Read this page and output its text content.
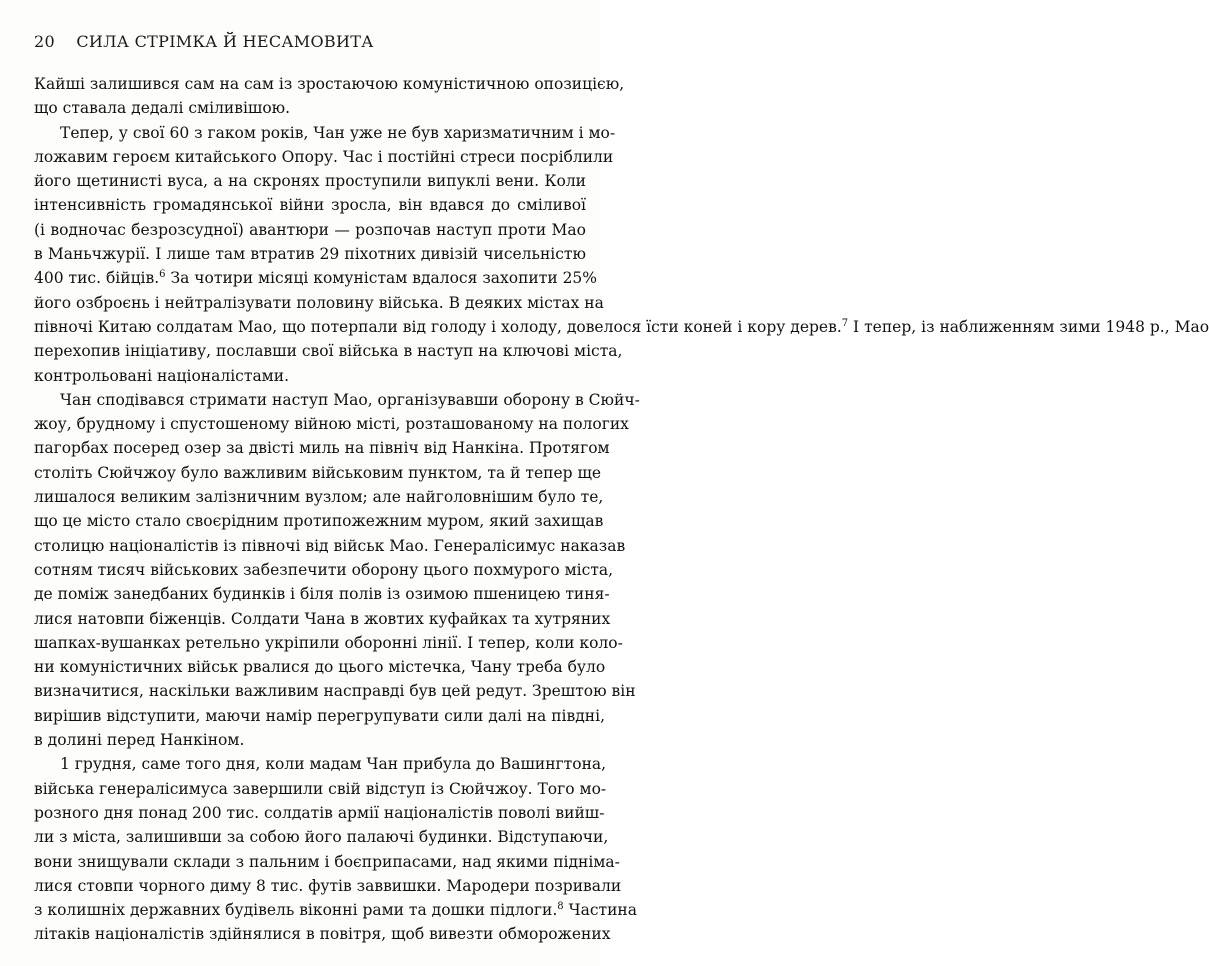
20 СИЛА СТРІМКА Й НЕСАМОВИТА
Кайші залишився сам на сам із зростаючою комуністичною опозицією,
що ставала дедалі сміливішою.
Тепер, у свої 60 з гаком років, Чан уже не був харизматичним і мо-
ложавим героєм китайського Опору. Час і постійні стреси посріблили
його щетинисті вуса, а на скронях проступили випуклі вени. Коли
інтенсивність громадянської війни зросла, він вдався до сміливої
(і водночас безрозсудної) авантюри — розпочав наступ проти Мао
в Маньчжурії. І лише там втратив 29 піхотних дивізій чисельністю
400 тис. бійців.$^6$ За чотири місяці комуністам вдалося захопити 25%
його озброєнь і нейтралізувати половину війська. В деяких містах на
півночі Китаю солдатам Мао, що потерпали від голоду і холоду, довелося їсти коней і кору дерев.$^7$ І тепер, із наближенням зими 1948 р., Мао
перехопив ініціативу, пославши свої війська в наступ на ключові міста,
контрольовані націоналістами.
Чан сподівався стримати наступ Мао, організувавши оборону в Сюйч-
жоу, брудному і спустошеному війною місті, розташованому на пологих
пагорбах посеред озер за двісті миль на північ від Нанкіна. Протягом
століть Сюйчжоу було важливим військовим пунктом, та й тепер ще
лишалося великим залізничним вузлом; але найголовнішим було те,
що це місто стало своєрідним протипожежним муром, який захищав
столицю націоналістів із півночі від військ Мао. Генералісимус наказав
сотням тисяч військових забезпечити оборону цього похмурого міста,
де поміж занедбаних будинків і біля полів із озимою пшеницею тиня-
лися натовпи біженців. Солдати Чана в жовтих куфайках та хутряних
шапках-вушанках ретельно укріпили оборонні лінії. І тепер, коли коло-
ни комуністичних військ рвалися до цього містечка, Чану треба було
визначитися, наскільки важливим насправді був цей редут. Зрештою він
вирішив відступити, маючи намір перегрупувати сили далі на півдні,
в долині перед Нанкіном.
1 грудня, саме того дня, коли мадам Чан прибула до Вашингтона,
війська генералісимуса завершили свій відступ із Сюйчжоу. Того мо-
розного дня понад 200 тис. солдатів армії націоналістів поволі вийш-
ли з міста, залишивши за собою його палаючі будинки. Відступаючи,
вони знищували склади з пальним і боєприпасами, над якими підніма-
лися стовпи чорного диму 8 тис. футів заввишки. Мародери позривали
з колишніх державних будівель віконні рами та дошки підлоги.$^8$ Частина
літаків націоналістів здійнялися в повітря, щоб вивезти обморожених
